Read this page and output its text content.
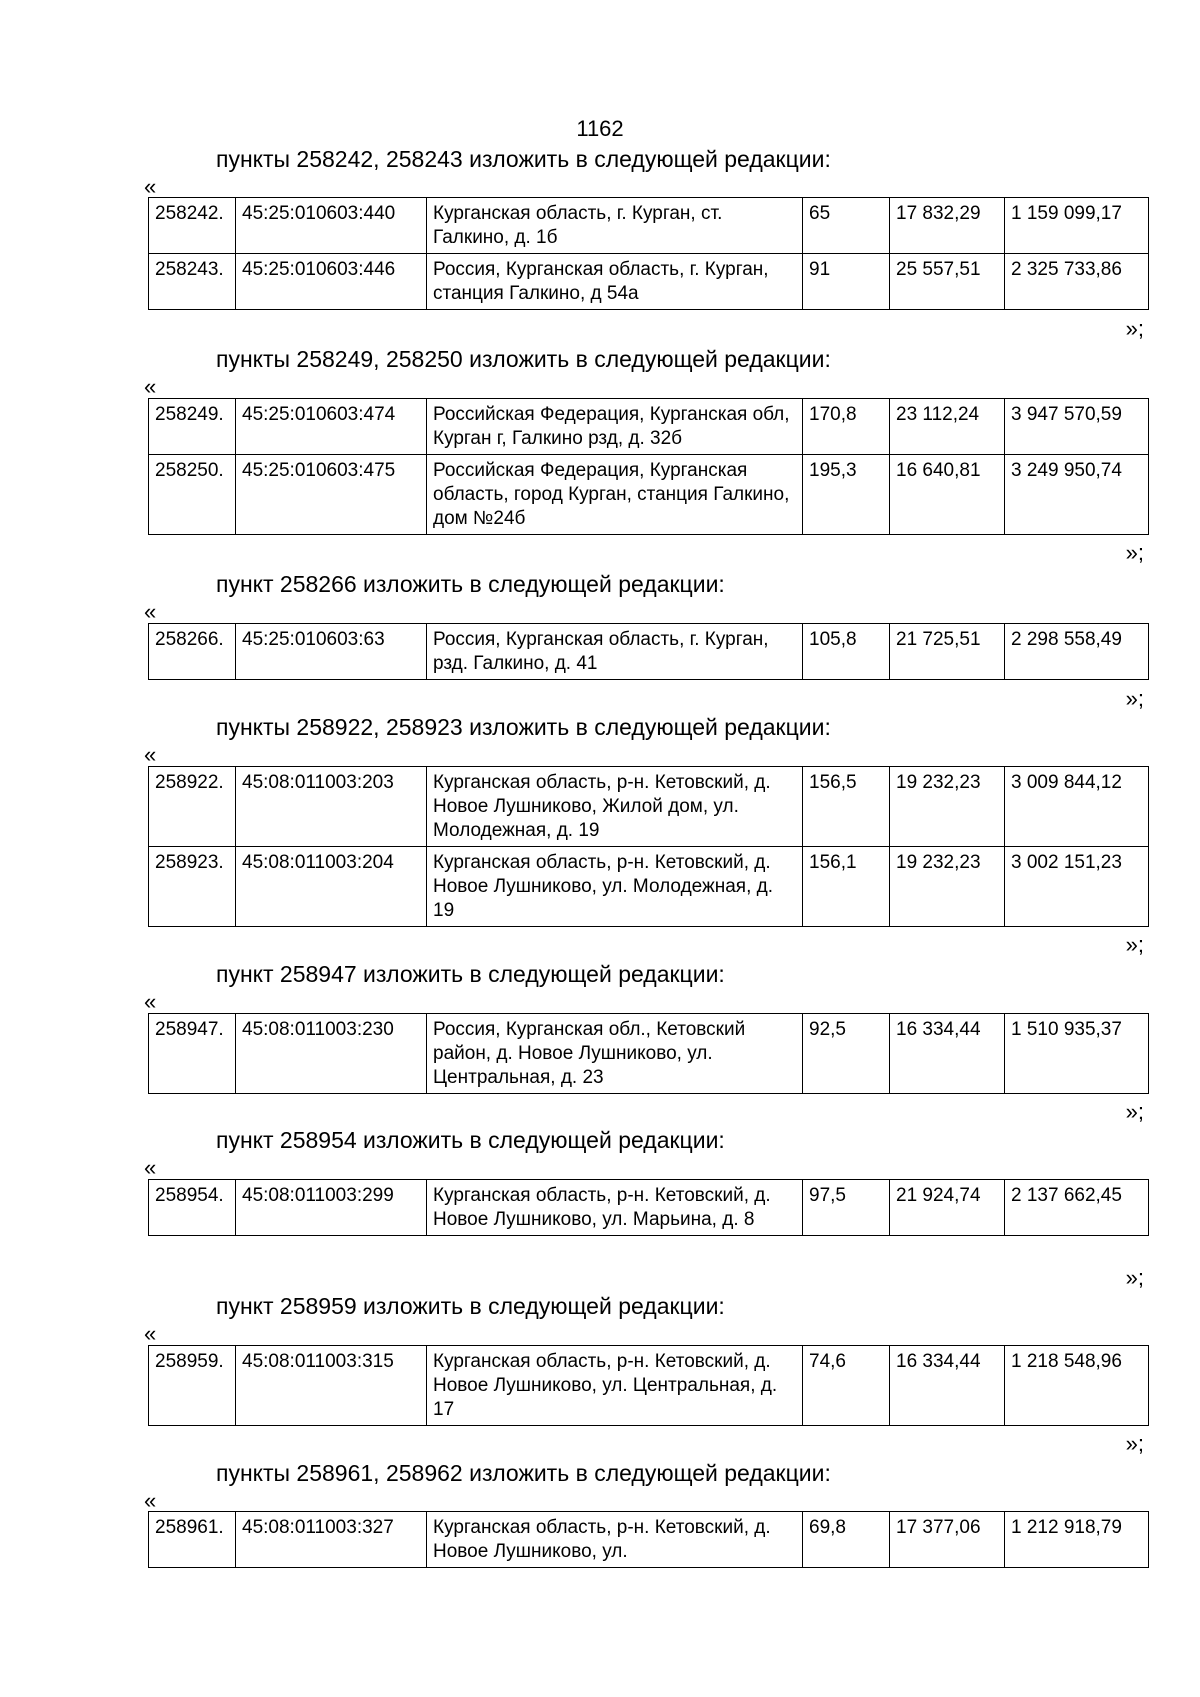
1162
пункты 258242, 258243 изложить в следующей редакции:
«
258242.	45:25:010603:440	Курганская область, г. Курган, ст. Галкино, д. 1б	65	17 832,29	1 159 099,17
258243.	45:25:010603:446	Россия, Курганская область, г. Курган, станция Галкино, д 54а	91	25 557,51	2 325 733,86
»;
пункты 258249, 258250 изложить в следующей редакции:
«
258249.	45:25:010603:474	Российская Федерация, Курганская обл, Курган г, Галкино рзд, д. 32б	170,8	23 112,24	3 947 570,59
258250.	45:25:010603:475	Российская Федерация, Курганская область, город Курган, станция Галкино, дом №24б	195,3	16 640,81	3 249 950,74
»;
пункт 258266 изложить в следующей редакции:
«
258266.	45:25:010603:63	Россия, Курганская область, г. Курган, рзд. Галкино, д. 41	105,8	21 725,51	2 298 558,49
»;
пункты 258922, 258923 изложить в следующей редакции:
«
258922.	45:08:011003:203	Курганская область, р-н. Кетовский, д. Новое Лушниково, Жилой дом, ул. Молодежная, д. 19	156,5	19 232,23	3 009 844,12
258923.	45:08:011003:204	Курганская область, р-н. Кетовский, д. Новое Лушниково, ул. Молодежная, д. 19	156,1	19 232,23	3 002 151,23
»;
пункт 258947 изложить в следующей редакции:
«
258947.	45:08:011003:230	Россия, Курганская обл., Кетовский район, д. Новое Лушниково, ул. Центральная, д. 23	92,5	16 334,44	1 510 935,37
»;
пункт 258954 изложить в следующей редакции:
«
258954.	45:08:011003:299	Курганская область, р-н. Кетовский, д. Новое Лушниково, ул. Марьина, д. 8	97,5	21 924,74	2 137 662,45
»;
пункт 258959 изложить в следующей редакции:
«
258959.	45:08:011003:315	Курганская область, р-н. Кетовский, д. Новое Лушниково, ул. Центральная, д. 17	74,6	16 334,44	1 218 548,96
»;
пункты 258961, 258962 изложить в следующей редакции:
«
258961.	45:08:011003:327	Курганская область, р-н. Кетовский, д. Новое Лушниково, ул.	69,8	17 377,06	1 212 918,79
